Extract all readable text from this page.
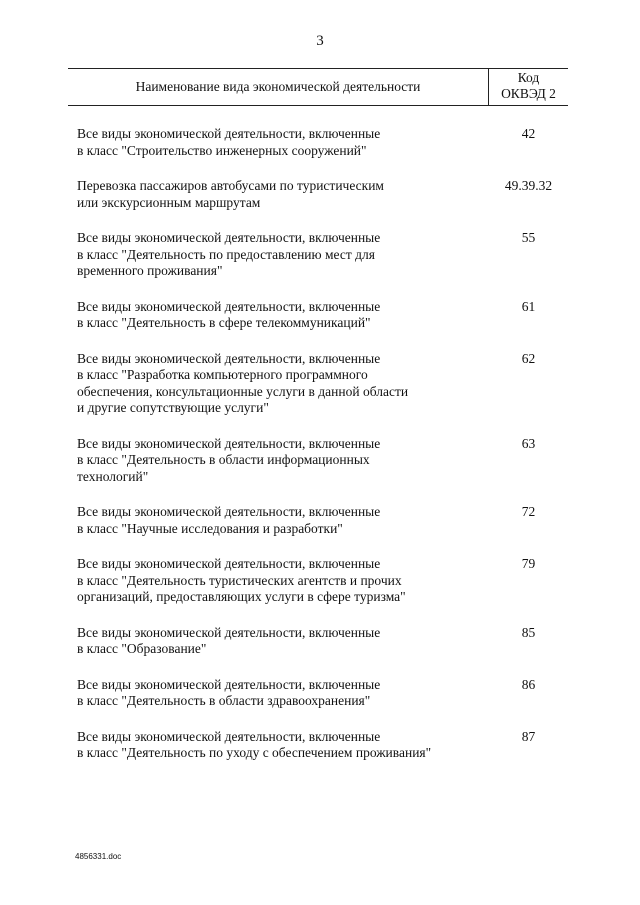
3
Наименование вида экономической деятельности
Код
ОКВЭД 2
Все виды экономической деятельности, включенные
в класс "Строительство инженерных сооружений"
42
Перевозка пассажиров автобусами по туристическим
или экскурсионным маршрутам
49.39.32
Все виды экономической деятельности, включенные
в класс "Деятельность по предоставлению мест для
временного проживания"
55
Все виды экономической деятельности, включенные
в класс "Деятельность в сфере телекоммуникаций"
61
Все виды экономической деятельности, включенные
в класс "Разработка компьютерного программного
обеспечения, консультационные услуги в данной области
и другие сопутствующие услуги"
62
Все виды экономической деятельности, включенные
в класс "Деятельность в области информационных
технологий"
63
Все виды экономической деятельности, включенные
в класс "Научные исследования и разработки"
72
Все виды экономической деятельности, включенные
в класс "Деятельность туристических агентств и прочих
организаций, предоставляющих услуги в сфере туризма"
79
Все виды экономической деятельности, включенные
в класс "Образование"
85
Все виды экономической деятельности, включенные
в класс "Деятельность в области здравоохранения"
86
Все виды экономической деятельности, включенные
в класс "Деятельность по уходу с обеспечением проживания"
87
4856331.doc
